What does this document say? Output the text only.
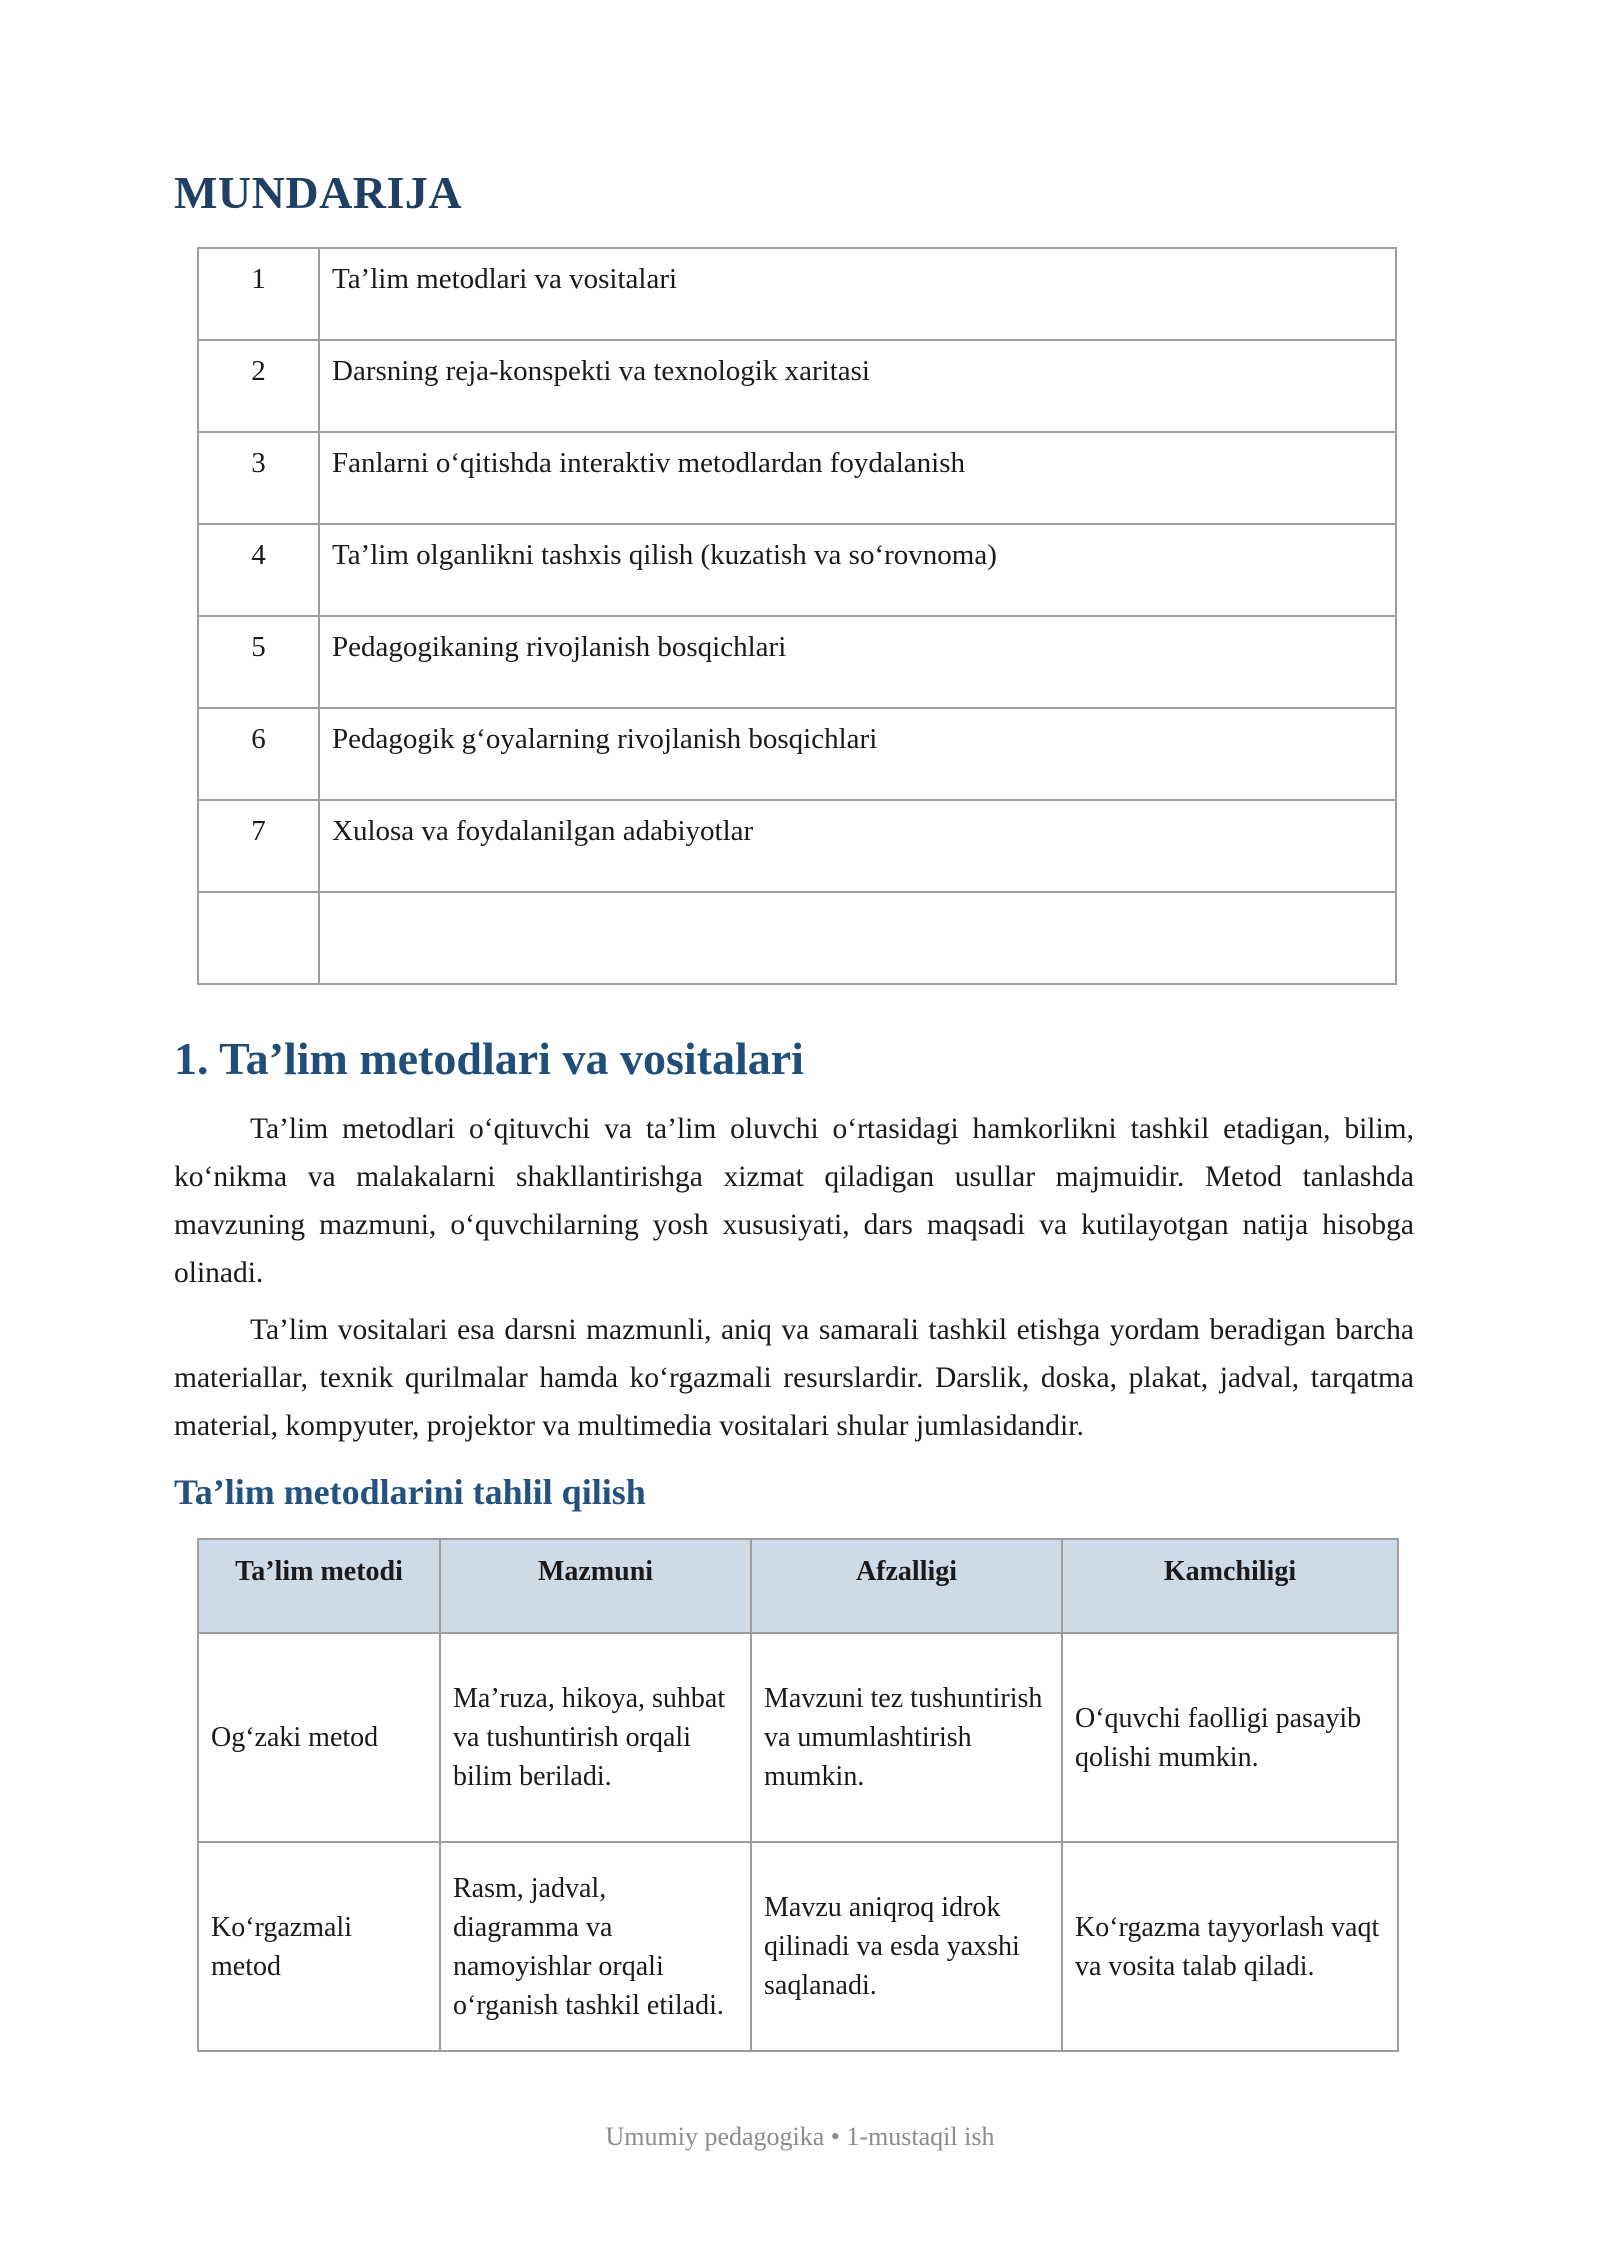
MUNDARIJA
1	Ta’lim metodlari va vositalari
2	Darsning reja-konspekti va texnologik xaritasi
3	Fanlarni o‘qitishda interaktiv metodlardan foydalanish
4	Ta’lim olganlikni tashxis qilish (kuzatish va so‘rovnoma)
5	Pedagogikaning rivojlanish bosqichlari
6	Pedagogik g‘oyalarning rivojlanish bosqichlari
7	Xulosa va foydalanilgan adabiyotlar

1. Ta’lim metodlari va vositalari

Ta’lim metodlari o‘qituvchi va ta’lim oluvchi o‘rtasidagi hamkorlikni tashkil etadigan, bilim, ko‘nikma va malakalarni shakllantirishga xizmat qiladigan usullar majmuidir. Metod tanlashda mavzuning mazmuni, o‘quvchilarning yosh xususiyati, dars maqsadi va kutilayotgan natija hisobga olinadi.

Ta’lim vositalari esa darsni mazmunli, aniq va samarali tashkil etishga yordam beradigan barcha materiallar, texnik qurilmalar hamda ko‘rgazmali resurslardir. Darslik, doska, plakat, jadval, tarqatma material, kompyuter, projektor va multimedia vositalari shular jumlasidandir.

Ta’lim metodlarini tahlil qilish
Ta’lim metodi	Mazmuni	Afzalligi	Kamchiligi
Og‘zaki metod	Ma’ruza, hikoya, suhbat va tushuntirish orqali bilim beriladi.	Mavzuni tez tushuntirish va umumlashtirish mumkin.	O‘quvchi faolligi pasayib qolishi mumkin.
Ko‘rgazmali metod	Rasm, jadval, diagramma va namoyishlar orqali o‘rganish tashkil etiladi.	Mavzu aniqroq idrok qilinadi va esda yaxshi saqlanadi.	Ko‘rgazma tayyorlash vaqt va vosita talab qiladi.
Umumiy pedagogika • 1-mustaqil ish
